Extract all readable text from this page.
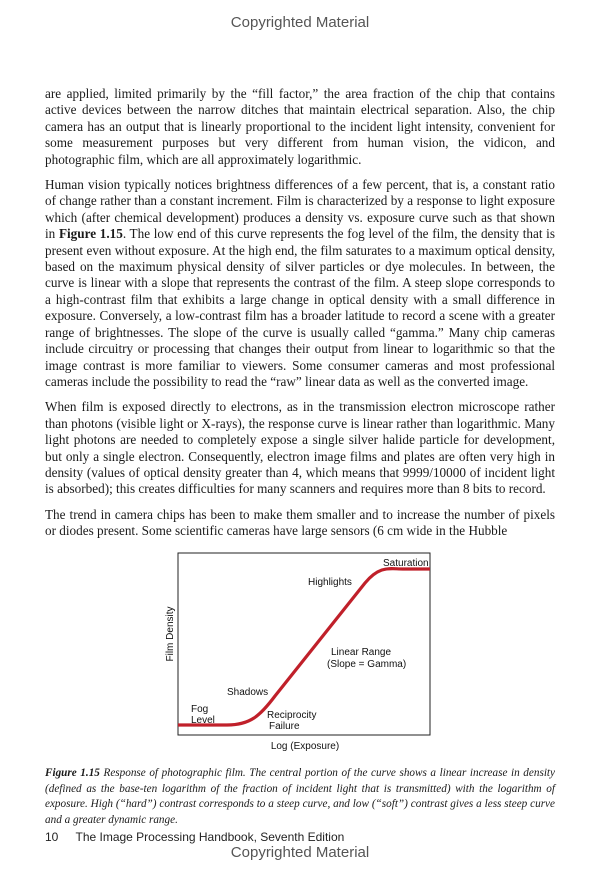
Copyrighted Material

are applied, limited primarily by the “fill factor,” the area fraction of the chip that contains active devices between the narrow ditches that maintain electrical separation. Also, the chip camera has an output that is linearly proportional to the incident light intensity, convenient for some measurement purposes but very different from human vision, the vidicon, and photographic film, which are all approximately logarithmic.

Human vision typically notices brightness differences of a few percent, that is, a constant ratio of change rather than a constant increment. Film is characterized by a response to light exposure which (after chemical development) produces a density vs. exposure curve such as that shown in Figure 1.15. The low end of this curve represents the fog level of the film, the density that is present even without exposure. At the high end, the film saturates to a maximum optical density, based on the maximum physical density of silver particles or dye molecules. In between, the curve is linear with a slope that represents the contrast of the film. A steep slope corresponds to a high-contrast film that exhibits a large change in optical density with a small difference in exposure. Conversely, a low-contrast film has a broader latitude to record a scene with a greater range of brightnesses. The slope of the curve is usually called “gamma.” Many chip cameras include circuitry or processing that changes their output from linear to logarithmic so that the image contrast is more familiar to viewers. Some consumer cameras and most professional cameras include the possibility to read the “raw” linear data as well as the converted image.

When film is exposed directly to electrons, as in the transmission electron microscope rather than photons (visible light or X-rays), the response curve is linear rather than logarithmic. Many light photons are needed to completely expose a single silver halide particle for development, but only a single electron. Consequently, electron image films and plates are often very high in density (values of optical density greater than 4, which means that 9999/10000 of incident light is absorbed); this creates difficulties for many scanners and requires more than 8 bits to record.

The trend in camera chips has been to make them smaller and to increase the number of pixels or diodes present. Some scientific cameras have large sensors (6 cm wide in the Hubble

Film Density
Log (Exposure)
Saturation
Highlights
Linear Range
(Slope = Gamma)
Shadows
Fog
Level	Reciprocity
Failure
Figure 1.15 Response of photographic film. The central portion of the curve shows a linear increase in density (defined as the base-ten logarithm of the fraction of incident light that is transmitted) with the logarithm of exposure. High (“hard”) contrast corresponds to a steep curve, and low (“soft”) contrast gives a less steep curve and a greater dynamic range.
10 The Image Processing Handbook, Seventh Edition
Copyrighted Material
